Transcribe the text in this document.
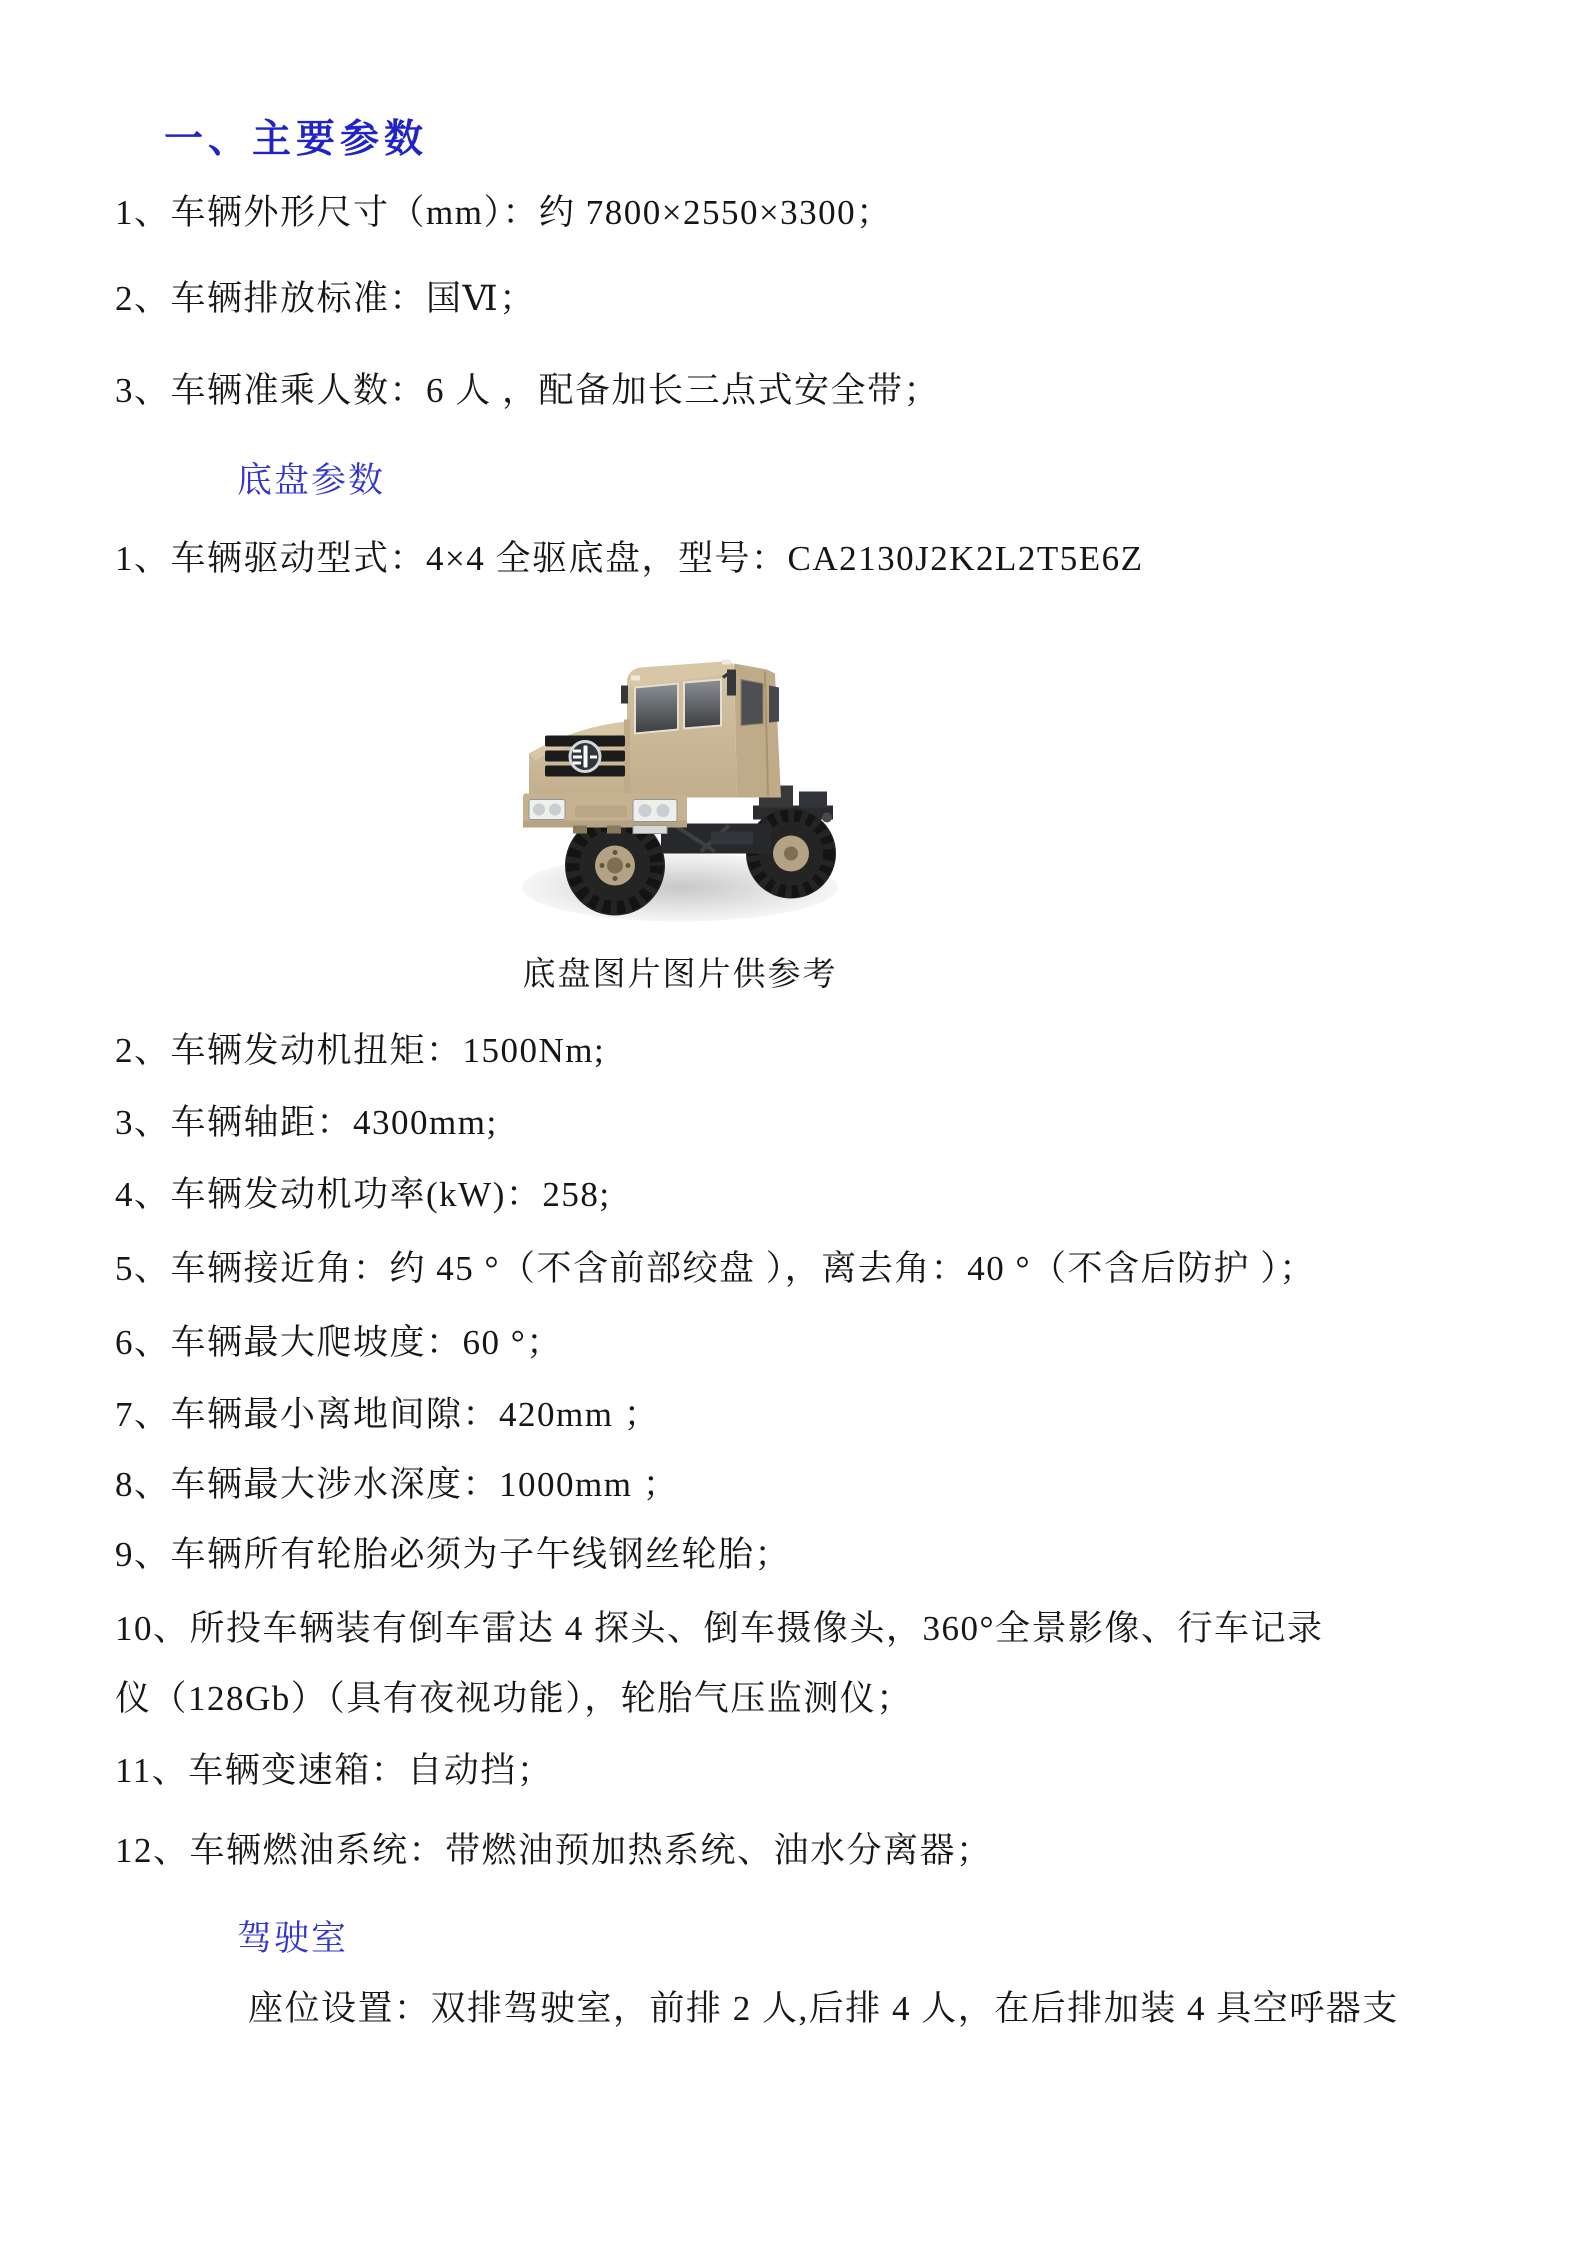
一、主要参数
1、车辆外形尺寸（mm）：约 7800×2550×3300；
2、车辆排放标准：国Ⅵ；
3、车辆准乘人数：6 人 ，配备加长三点式安全带；
底盘参数
1、车辆驱动型式：4×4 全驱底盘，型号：CA2130J2K2L2T5E6Z
底盘图片图片供参考
2、车辆发动机扭矩：1500Nm;
3、车辆轴距：4300mm;
4、车辆发动机功率(kW)：258;
5、车辆接近角：约 45 °（不含前部绞盘 ），离去角：40 °（不含后防护 ）；
6、车辆最大爬坡度：60 °；
7、车辆最小离地间隙：420mm ；
8、车辆最大涉水深度：1000mm ；
9、车辆所有轮胎必须为子午线钢丝轮胎；
10、所投车辆装有倒车雷达 4 探头、倒车摄像头，360°全景影像、行车记录
仪（128Gb）（具有夜视功能），轮胎气压监测仪；
11、车辆变速箱：自动挡；
12、车辆燃油系统：带燃油预加热系统、油水分离器；
驾驶室
座位设置：双排驾驶室，前排 2 人,后排 4 人，在后排加装 4 具空呼器支
